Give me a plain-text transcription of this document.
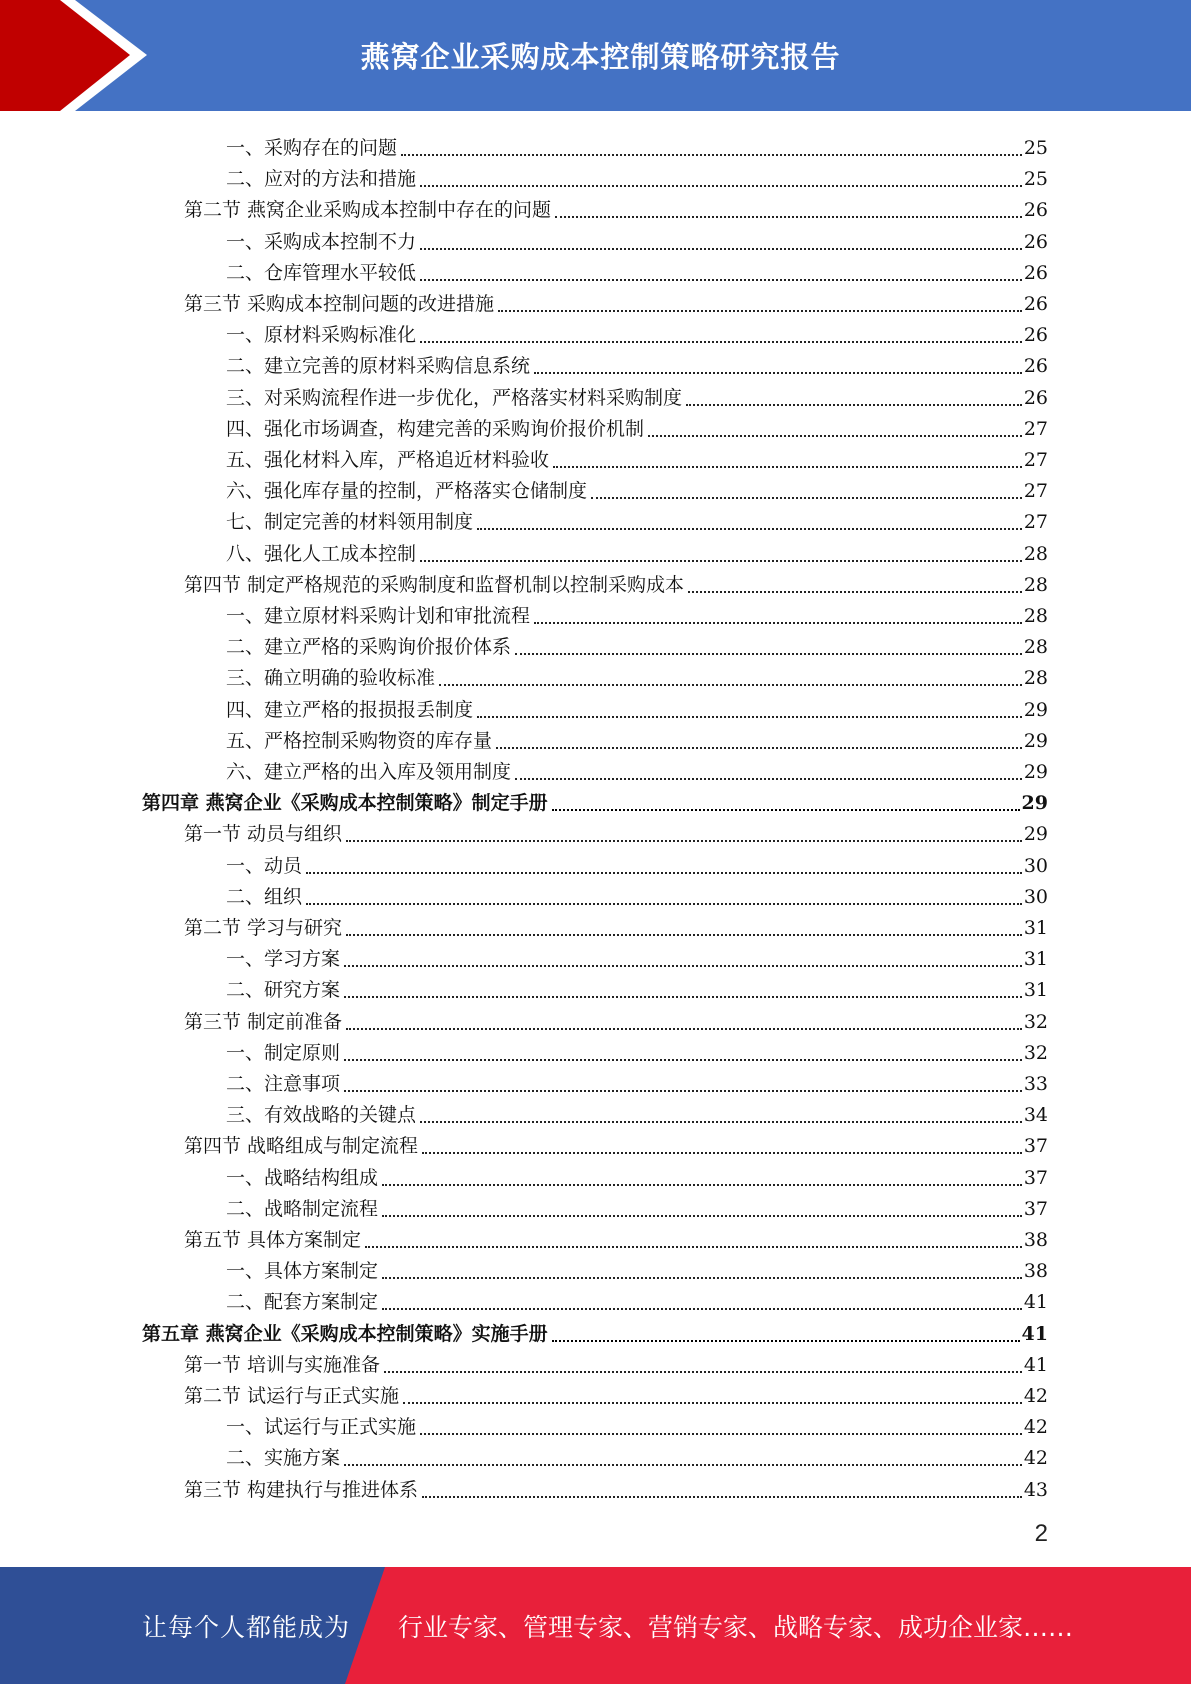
燕窝企业采购成本控制策略研究报告
一、采购存在的问题	25
二、应对的方法和措施	25
第二节 燕窝企业采购成本控制中存在的问题	26
一、采购成本控制不力	26
二、仓库管理水平较低	26
第三节 采购成本控制问题的改进措施	26
一、原材料采购标准化	26
二、建立完善的原材料采购信息系统	26
三、对采购流程作进一步优化，严格落实材料采购制度	26
四、强化市场调查，构建完善的采购询价报价机制	27
五、强化材料入库，严格追近材料验收	27
六、强化库存量的控制，严格落实仓储制度	27
七、制定完善的材料领用制度	27
八、强化人工成本控制	28
第四节 制定严格规范的采购制度和监督机制以控制采购成本	28
一、建立原材料采购计划和审批流程	28
二、建立严格的采购询价报价体系	28
三、确立明确的验收标准	28
四、建立严格的报损报丢制度	29
五、严格控制采购物资的库存量	29
六、建立严格的出入库及领用制度	29
第四章 燕窝企业《采购成本控制策略》制定手册	29
第一节 动员与组织	29
一、动员	30
二、组织	30
第二节 学习与研究	31
一、学习方案	31
二、研究方案	31
第三节 制定前准备	32
一、制定原则	32
二、注意事项	33
三、有效战略的关键点	34
第四节 战略组成与制定流程	37
一、战略结构组成	37
二、战略制定流程	37
第五节 具体方案制定	38
一、具体方案制定	38
二、配套方案制定	41
第五章 燕窝企业《采购成本控制策略》实施手册	41
第一节 培训与实施准备	41
第二节 试运行与正式实施	42
一、试运行与正式实施	42
二、实施方案	42
第三节 构建执行与推进体系	43
2
让每个人都能成为 行业专家、管理专家、营销专家、战略专家、成功企业家……
